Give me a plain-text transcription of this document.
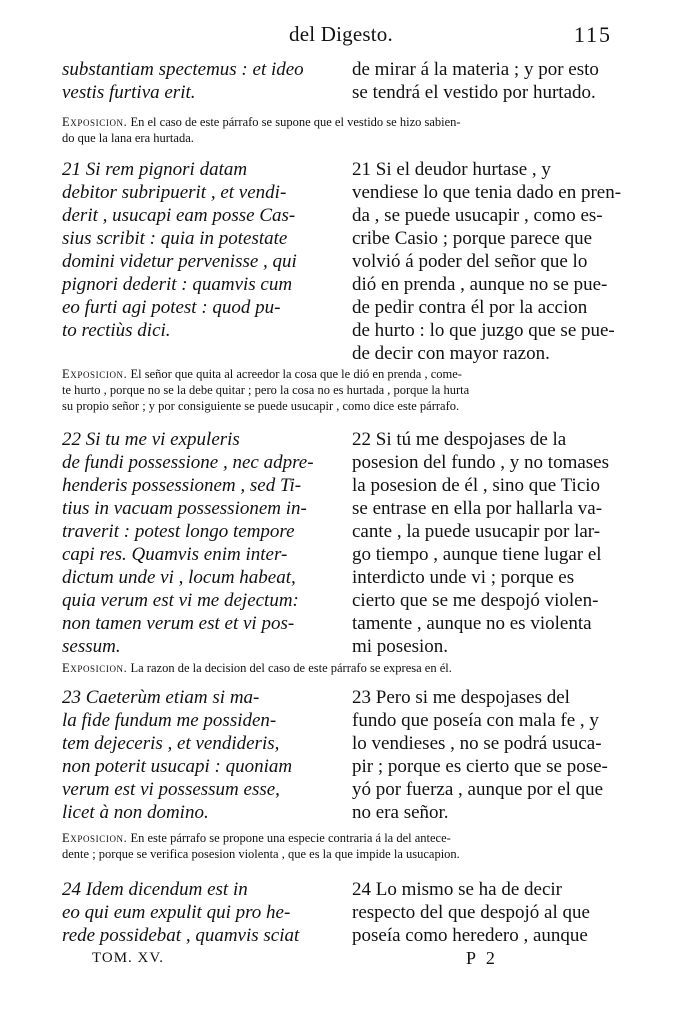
del Digesto.	115

substantiam spectemus : et ideo
vestis furtiva erit.

de mirar á la materia ; y por esto
se tendrá el vestido por hurtado.

Exposicion. En el caso de este párrafo se supone que el vestido se hizo sabien-
do que la lana era hurtada.

21 Si rem pignori datam
debitor subripuerit , et vendi-
derit , usucapi eam posse Cas-
sius scribit : quia in potestate
domini videtur pervenisse , qui
pignori dederit : quamvis cum
eo furti agi potest : quod pu-
to rectiùs dici.

21 Si el deudor hurtase , y
vendiese lo que tenia dado en pren-
da , se puede usucapir , como es-
cribe Casio ; porque parece que
volvió á poder del señor que lo
dió en prenda , aunque no se pue-
de pedir contra él por la accion
de hurto : lo que juzgo que se pue-
de decir con mayor razon.

Exposicion. El señor que quita al acreedor la cosa que le dió en prenda , come-
te hurto , porque no se la debe quitar ; pero la cosa no es hurtada , porque la hurta
su propio señor ; y por consiguiente se puede usucapir , como dice este párrafo.

22 Si tu me vi expuleris
de fundi possessione , nec adpre-
henderis possessionem , sed Ti-
tius in vacuam possessionem in-
traverit : potest longo tempore
capi res. Quamvis enim inter-
dictum unde vi , locum habeat,
quia verum est vi me dejectum:
non tamen verum est et vi pos-
sessum.

22 Si tú me despojases de la
posesion del fundo , y no tomases
la posesion de él , sino que Ticio
se entrase en ella por hallarla va-
cante , la puede usucapir por lar-
go tiempo , aunque tiene lugar el
interdicto unde vi ; porque es
cierto que se me despojó violen-
tamente , aunque no es violenta
mi posesion.

Exposicion. La razon de la decision del caso de este párrafo se expresa en él.

23 Caeterùm etiam si ma-
la fide fundum me possiden-
tem dejeceris , et vendideris,
non poterit usucapi : quoniam
verum est vi possessum esse,
licet à non domino.

23 Pero si me despojases del
fundo que poseía con mala fe , y
lo vendieses , no se podrá usuca-
pir ; porque es cierto que se pose-
yó por fuerza , aunque por el que
no era señor.

Exposicion. En este párrafo se propone una especie contraria á la del antece-
dente ; porque se verifica posesion violenta , que es la que impide la usucapion.

24 Idem dicendum est in
eo qui eum expulit qui pro he-
rede possidebat , quamvis sciat

24 Lo mismo se ha de decir
respecto del que despojó al que
poseía como heredero , aunque

TOM. XV.	P 2
